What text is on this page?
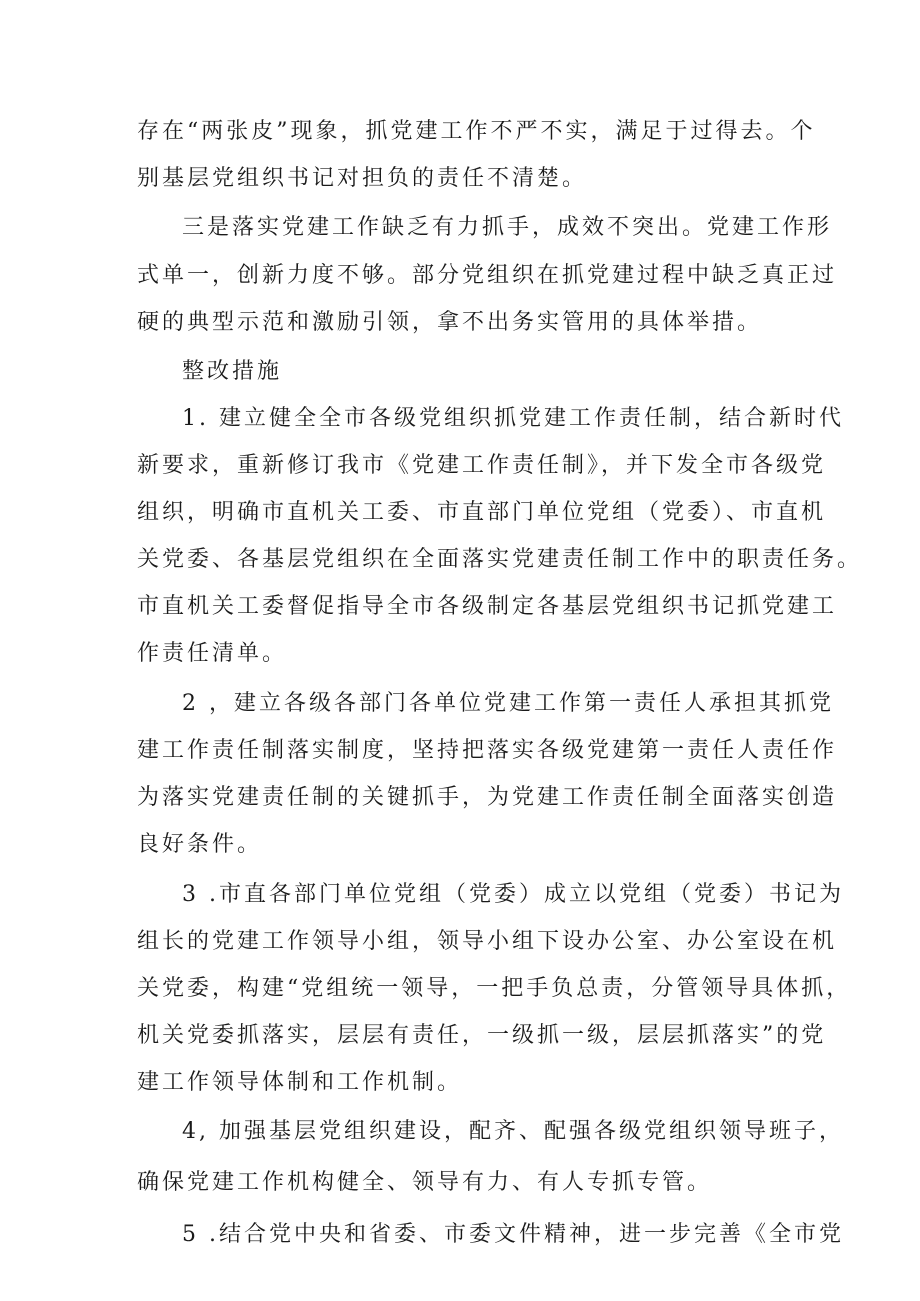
存在“两张皮”现象，抓党建工作不严不实，满足于过得去。个

别基层党组织书记对担负的责任不清楚。

三是落实党建工作缺乏有力抓手，成效不突出。党建工作形

式单一，创新力度不够。部分党组织在抓党建过程中缺乏真正过

硬的典型示范和激励引领，拿不出务实管用的具体举措。

整改措施

1. 建立健全全市各级党组织抓党建工作责任制，结合新时代

新要求，重新修订我市《党建工作责任制》，并下发全市各级党

组织，明确市直机关工委、市直部门单位党组（党委）、市直机

关党委、各基层党组织在全面落实党建责任制工作中的职责任务。

市直机关工委督促指导全市各级制定各基层党组织书记抓党建工

作责任清单。

2 ，建立各级各部门各单位党建工作第一责任人承担其抓党

建工作责任制落实制度，坚持把落实各级党建第一责任人责任作

为落实党建责任制的关键抓手，为党建工作责任制全面落实创造

良好条件。

3 .市直各部门单位党组（党委）成立以党组（党委）书记为

组长的党建工作领导小组，领导小组下设办公室、办公室设在机

关党委，构建“党组统一领导，一把手负总责，分管领导具体抓，

机关党委抓落实，层层有责任，一级抓一级，层层抓落实”的党

建工作领导体制和工作机制。

4, 加强基层党组织建设，配齐、配强各级党组织领导班子，

确保党建工作机构健全、领导有力、有人专抓专管。

5 .结合党中央和省委、市委文件精神，进一步完善《全市党
